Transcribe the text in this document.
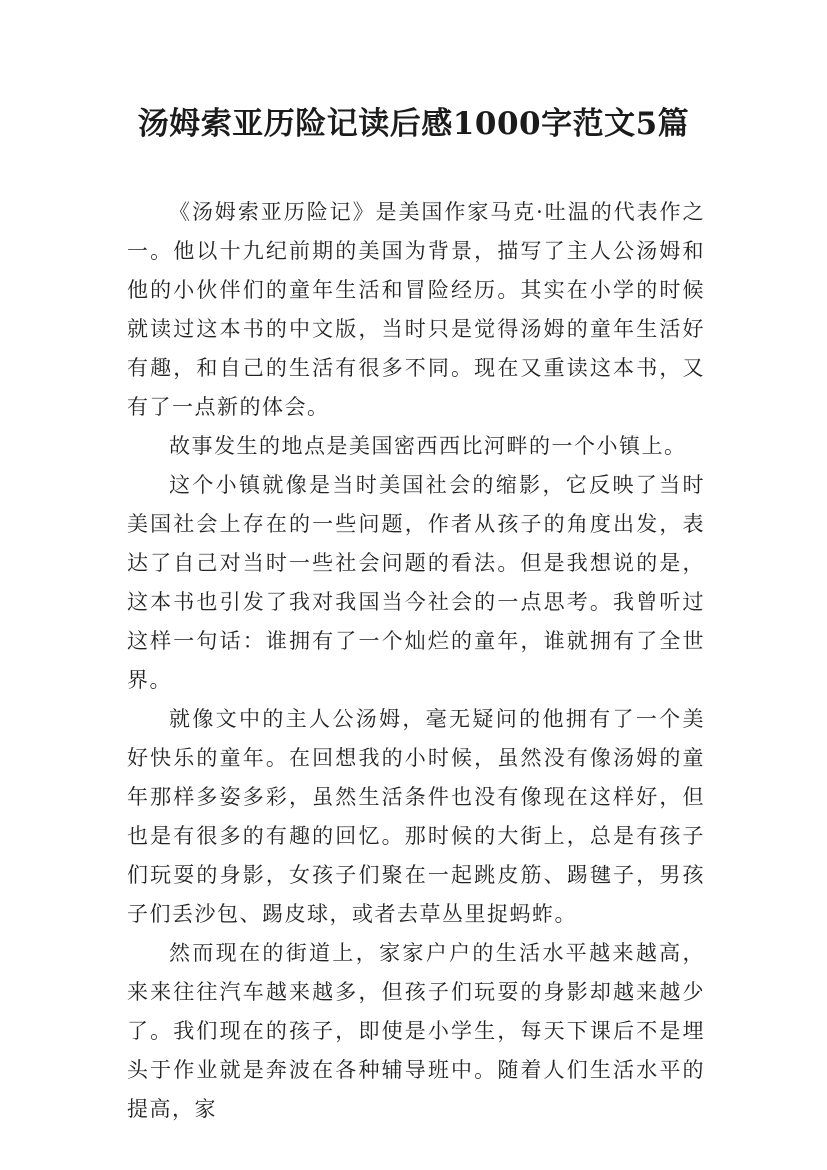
汤姆索亚历险记读后感1000字范文5篇

《汤姆索亚历险记》是美国作家马克·吐温的代表作之一。他以十九纪前期的美国为背景，描写了主人公汤姆和他的小伙伴们的童年生活和冒险经历。其实在小学的时候就读过这本书的中文版，当时只是觉得汤姆的童年生活好有趣，和自己的生活有很多不同。现在又重读这本书，又有了一点新的体会。

故事发生的地点是美国密西西比河畔的一个小镇上。

这个小镇就像是当时美国社会的缩影，它反映了当时美国社会上存在的一些问题，作者从孩子的角度出发，表达了自己对当时一些社会问题的看法。但是我想说的是，这本书也引发了我对我国当今社会的一点思考。我曾听过这样一句话：谁拥有了一个灿烂的童年，谁就拥有了全世界。

就像文中的主人公汤姆，毫无疑问的他拥有了一个美好快乐的童年。在回想我的小时候，虽然没有像汤姆的童年那样多姿多彩，虽然生活条件也没有像现在这样好，但也是有很多的有趣的回忆。那时候的大街上，总是有孩子们玩耍的身影，女孩子们聚在一起跳皮筋、踢毽子，男孩子们丢沙包、踢皮球，或者去草丛里捉蚂蚱。

然而现在的街道上，家家户户的生活水平越来越高，来来往往汽车越来越多，但孩子们玩耍的身影却越来越少了。我们现在的孩子，即使是小学生，每天下课后不是埋头于作业就是奔波在各种辅导班中。随着人们生活水平的提高，家
